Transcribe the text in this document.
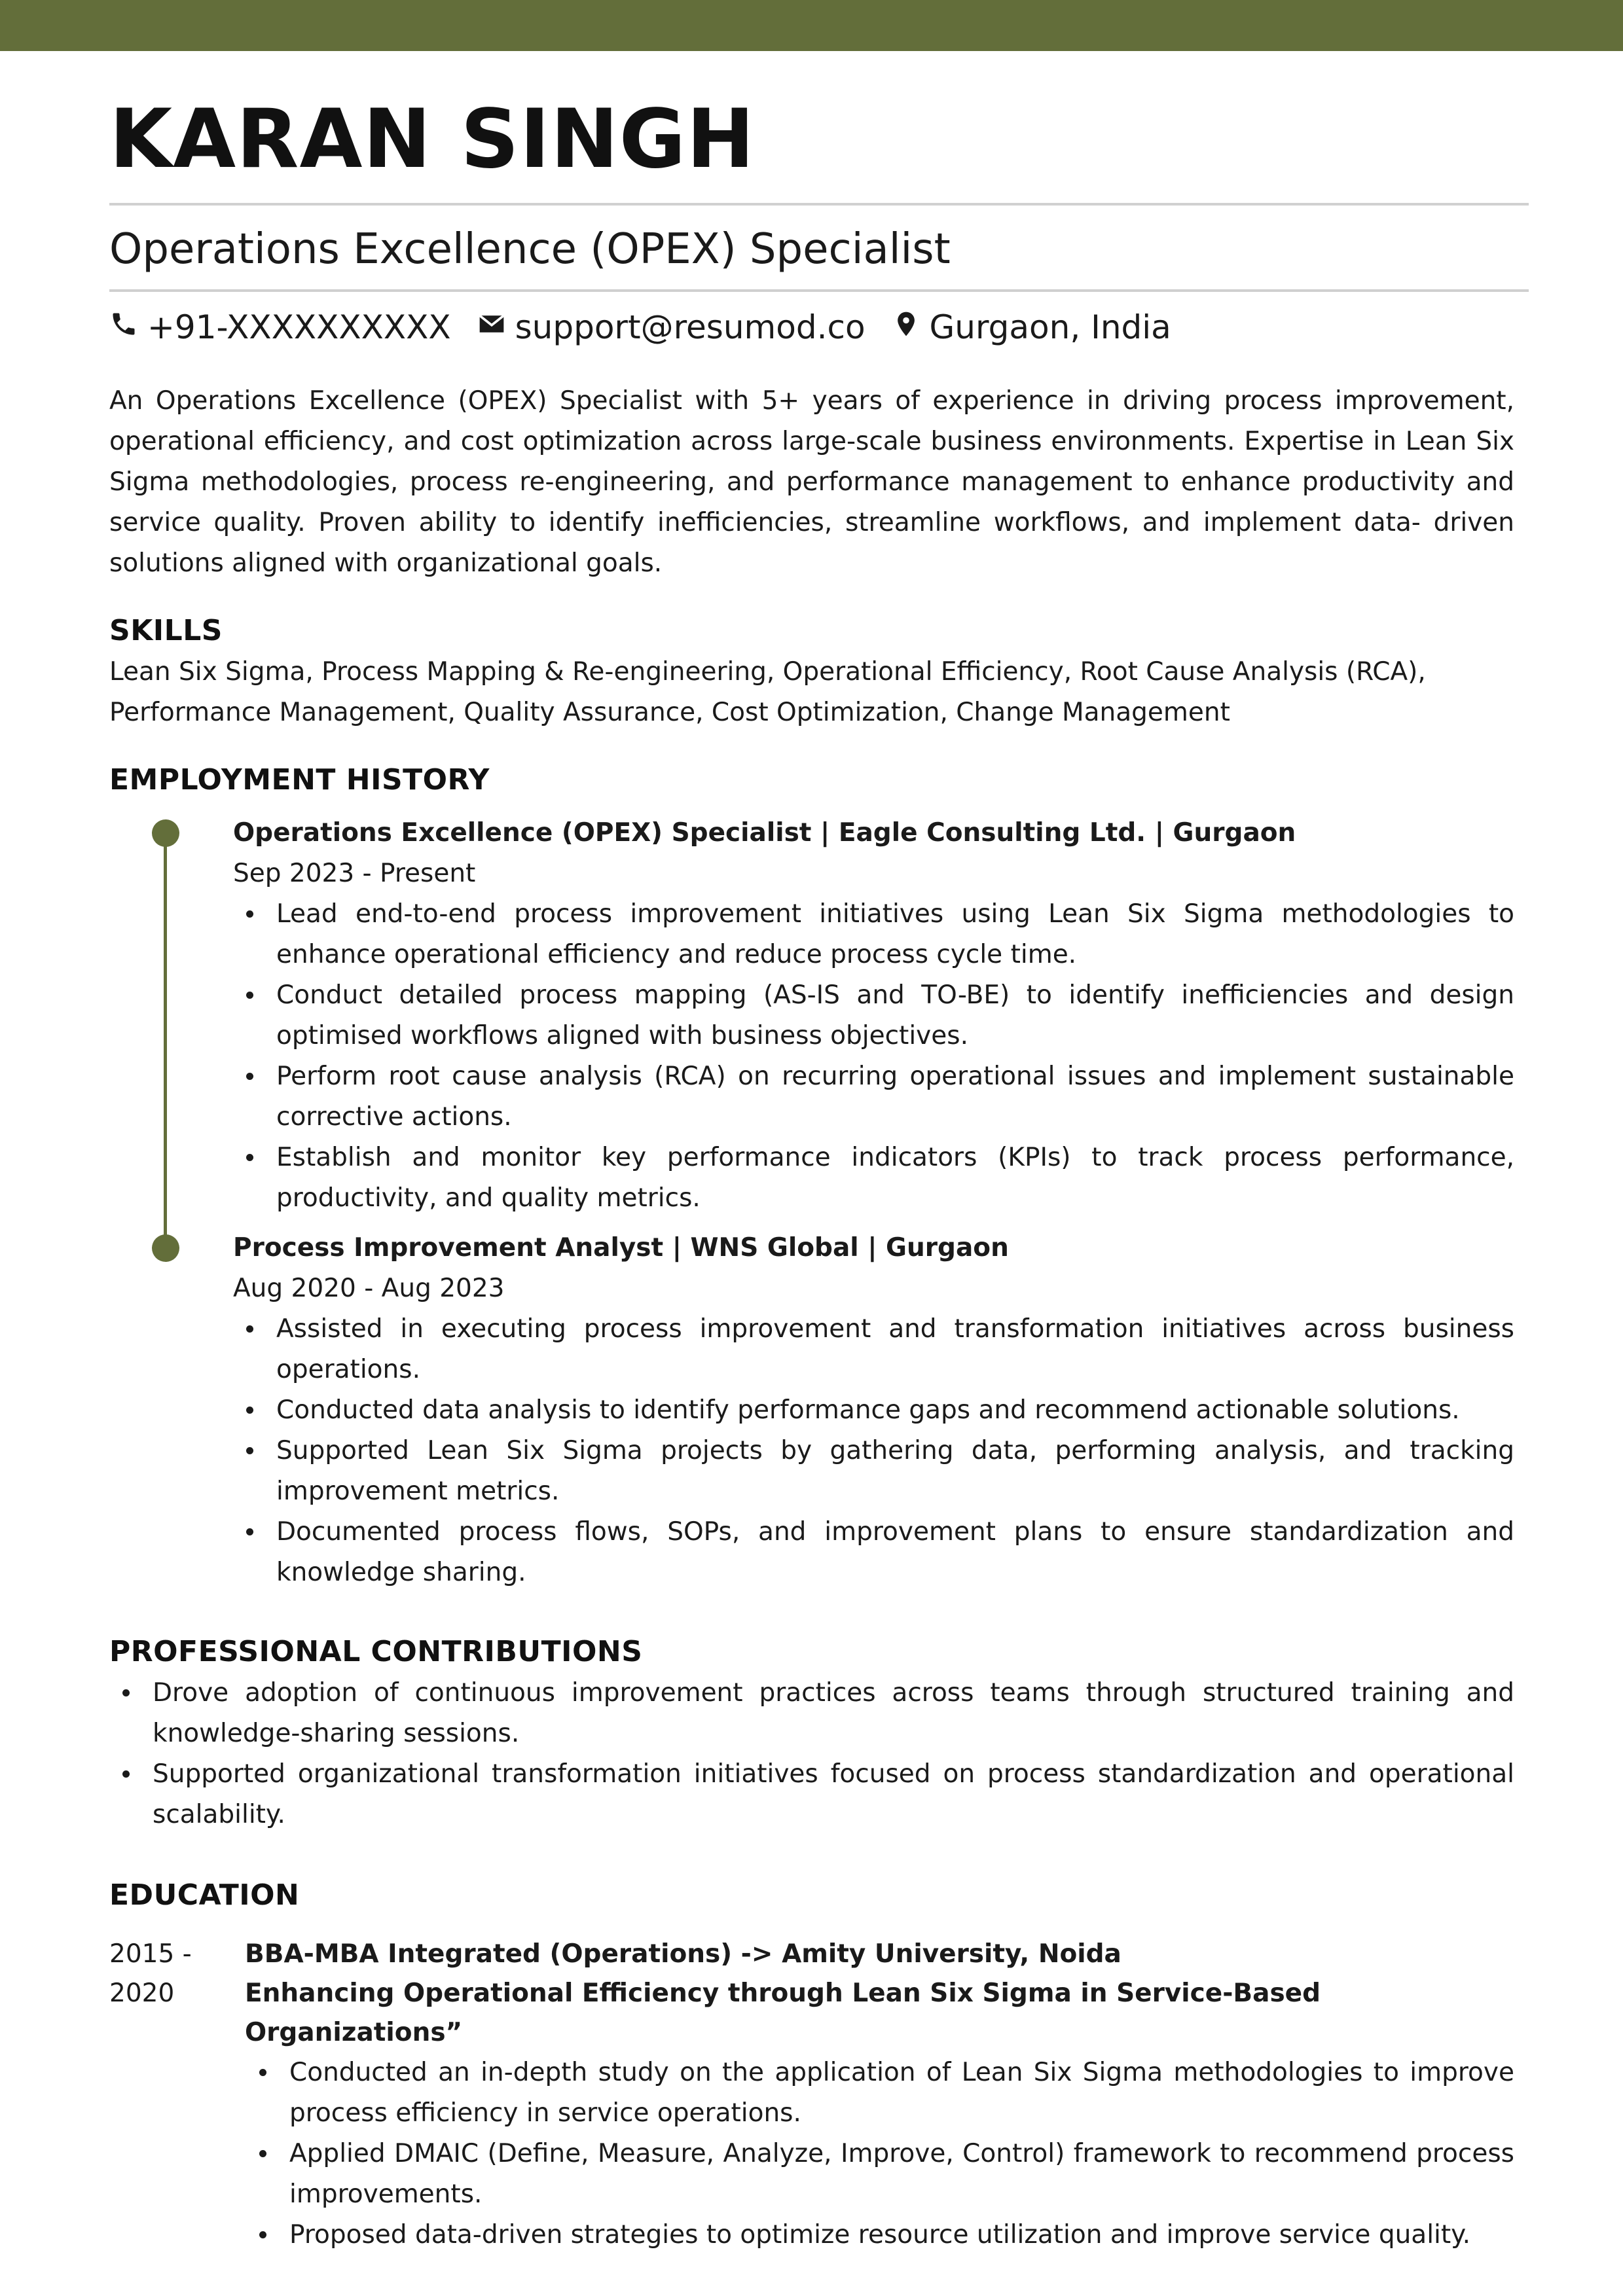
KARAN SINGH
Operations Excellence (OPEX) Specialist
+91-XXXXXXXXXX support@resumod.co Gurgaon, India
An Operations Excellence (OPEX) Specialist with 5+ years of experience in driving process improvement, operational efficiency, and cost optimization across large-scale business environments. Expertise in Lean Six Sigma methodologies, process re-engineering, and performance management to enhance productivity and service quality. Proven ability to identify inefficiencies, streamline workflows, and implement data- driven solutions aligned with organizational goals.
SKILLS
Lean Six Sigma, Process Mapping & Re-engineering, Operational Efficiency, Root Cause Analysis (RCA),
Performance Management, Quality Assurance, Cost Optimization, Change Management
EMPLOYMENT HISTORY
Operations Excellence (OPEX) Specialist | Eagle Consulting Ltd. | Gurgaon
Sep 2023 - Present
Lead end-to-end process improvement initiatives using Lean Six Sigma methodologies to enhance operational efficiency and reduce process cycle time.
Conduct detailed process mapping (AS-IS and TO-BE) to identify inefficiencies and design optimised workflows aligned with business objectives.
Perform root cause analysis (RCA) on recurring operational issues and implement sustainable corrective actions.
Establish and monitor key performance indicators (KPIs) to track process performance, productivity, and quality metrics.
Process Improvement Analyst | WNS Global | Gurgaon
Aug 2020 - Aug 2023
Assisted in executing process improvement and transformation initiatives across business operations.
Conducted data analysis to identify performance gaps and recommend actionable solutions.
Supported Lean Six Sigma projects by gathering data, performing analysis, and tracking improvement metrics.
Documented process flows, SOPs, and improvement plans to ensure standardization and knowledge sharing.
PROFESSIONAL CONTRIBUTIONS
Drove adoption of continuous improvement practices across teams through structured training and knowledge-sharing sessions.
Supported organizational transformation initiatives focused on process standardization and operational scalability.
EDUCATION
2015 -
2020
BBA-MBA Integrated (Operations) -> Amity University, Noida
Enhancing Operational Efficiency through Lean Six Sigma in Service-Based Organizations”
Conducted an in-depth study on the application of Lean Six Sigma methodologies to improve process efficiency in service operations.
Applied DMAIC (Define, Measure, Analyze, Improve, Control) framework to recommend process improvements.
Proposed data-driven strategies to optimize resource utilization and improve service quality.
